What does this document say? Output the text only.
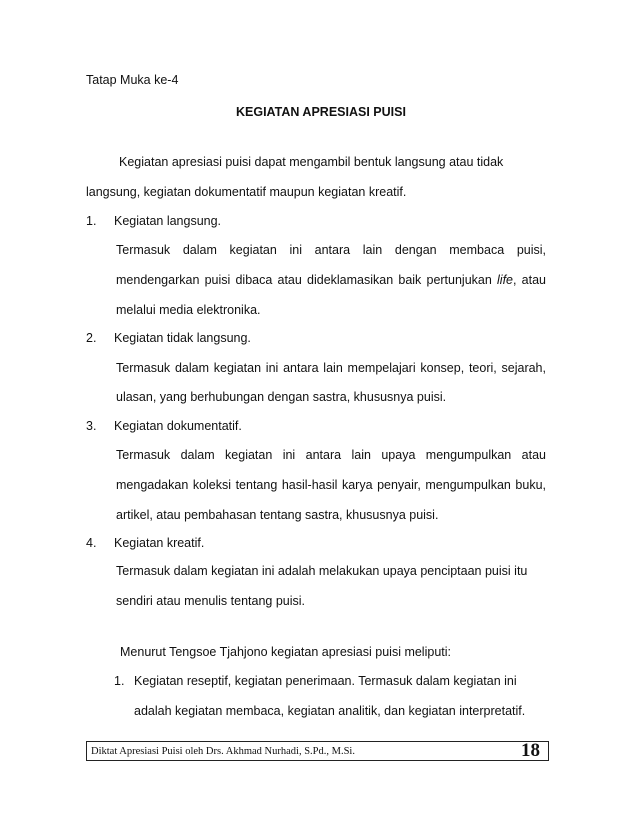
Tatap Muka ke-4
KEGIATAN APRESIASI PUISI
Kegiatan apresiasi puisi dapat mengambil bentuk langsung atau tidak
langsung, kegiatan dokumentatif maupun kegiatan kreatif.
1. Kegiatan langsung.
Termasuk dalam kegiatan ini antara lain dengan membaca puisi,
mendengarkan puisi dibaca atau dideklamasikan baik pertunjukan life, atau
melalui media elektronika.
2. Kegiatan tidak langsung.
Termasuk dalam kegiatan ini antara lain mempelajari konsep, teori, sejarah,
ulasan, yang berhubungan dengan sastra, khususnya puisi.
3. Kegiatan dokumentatif.
Termasuk dalam kegiatan ini antara lain upaya mengumpulkan atau
mengadakan koleksi tentang hasil-hasil karya penyair, mengumpulkan buku,
artikel, atau pembahasan tentang sastra, khususnya puisi.
4. Kegiatan kreatif.
Termasuk dalam kegiatan ini adalah melakukan upaya penciptaan puisi itu
sendiri atau menulis tentang puisi.
Menurut Tengsoe Tjahjono kegiatan apresiasi puisi meliputi:
1. Kegiatan reseptif, kegiatan penerimaan. Termasuk dalam kegiatan ini
adalah kegiatan membaca, kegiatan analitik, dan kegiatan interpretatif.
Diktat Apresiasi Puisi oleh Drs. Akhmad Nurhadi, S.Pd., M.Si.	18
